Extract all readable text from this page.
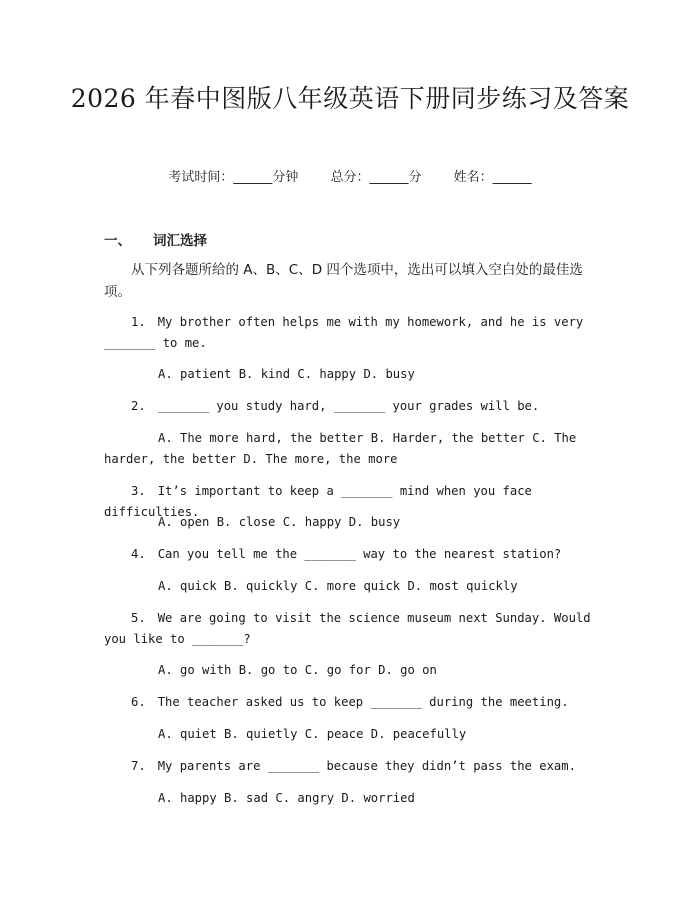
2026 年春中图版八年级英语下册同步练习及答案
考试时间：______分钟 总分：______分 姓名：______
一、 词汇选择
从下列各题所给的 A、B、C、D 四个选项中，选出可以填入空白处的最佳选项。
1. My brother often helps me with my homework, and he is very _______ to me.
A. patient B. kind C. happy D. busy
2. _______ you study hard, _______ your grades will be.
A. The more hard, the better B. Harder, the better C. The harder, the better D. The more, the more
3. It’s important to keep a _______ mind when you face difficulties.
A. open B. close C. happy D. busy
4. Can you tell me the _______ way to the nearest station?
A. quick B. quickly C. more quick D. most quickly
5. We are going to visit the science museum next Sunday. Would you like to _______?
A. go with B. go to C. go for D. go on
6. The teacher asked us to keep _______ during the meeting.
A. quiet B. quietly C. peace D. peacefully
7. My parents are _______ because they didn’t pass the exam.
A. happy B. sad C. angry D. worried
